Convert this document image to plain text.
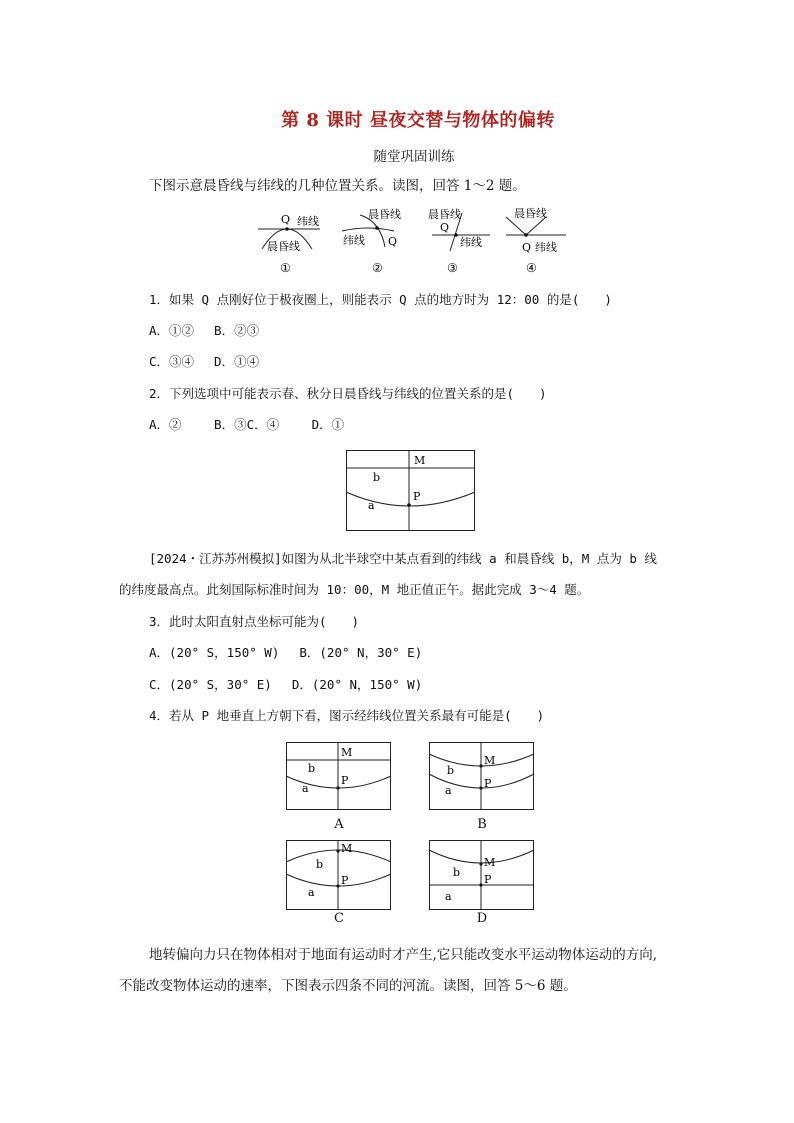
第 8 课时 昼夜交替与物体的偏转
随堂巩固训练
下图示意晨昏线与纬线的几种位置关系。读图，回答 1～2 题。
Q 纬线
晨昏线
①
晨昏线
纬线 Q
②
晨昏线
Q
纬线
③
晨昏线
Q 纬线
④
1．如果 Q 点刚好位于极夜圈上，则能表示 Q 点的地方时为 12：00 的是(　　)
A．①②　 B．②③
C．③④　 D．①④
2．下列选项中可能表示春、秋分日晨昏线与纬线的位置关系的是(　　)
A．②　　 B．③C．④　　 D．①
M
b
P
a
[2024・江苏苏州模拟]如图为从北半球空中某点看到的纬线 a 和晨昏线 b，M 点为 b 线
的纬度最高点。此刻国际标准时间为 10：00，M 地正值正午。据此完成 3～4 题。
3．此时太阳直射点坐标可能为(　　)
A．(20° S，150° W)　 B．(20° N，30° E)
C．(20° S，30° E)　 D．(20° N，150° W)
4．若从 P 地垂直上方朝下看，图示经纬线位置关系最有可能是(　　)
M
b
P
a
A
M
b
P
a
B
M
b
P
a
C
M
b
P
a
D
地转偏向力只在物体相对于地面有运动时才产生,它只能改变水平运动物体运动的方向,
不能改变物体运动的速率，下图表示四条不同的河流。读图，回答 5～6 题。
